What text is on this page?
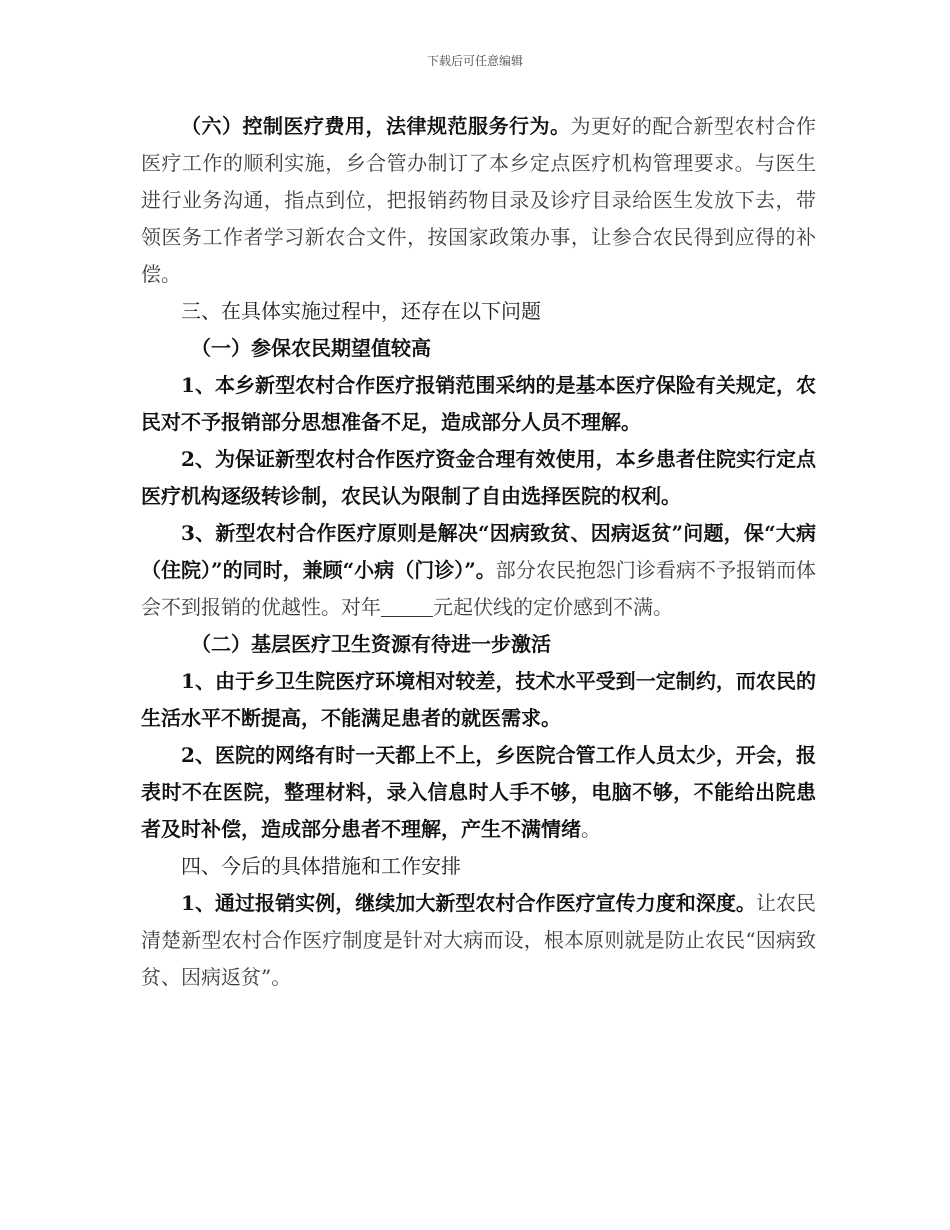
下载后可任意编辑

（六）控制医疗费用，法律规范服务行为。为更好的配合新型农村合作医疗工作的顺利实施，乡合管办制订了本乡定点医疗机构管理要求。与医生进行业务沟通，指点到位，把报销药物目录及诊疗目录给医生发放下去，带领医务工作者学习新农合文件，按国家政策办事，让参合农民得到应得的补偿。

三、在具体实施过程中，还存在以下问题

（一）参保农民期望值较高

1、本乡新型农村合作医疗报销范围采纳的是基本医疗保险有关规定，农民对不予报销部分思想准备不足，造成部分人员不理解。

2、为保证新型农村合作医疗资金合理有效使用，本乡患者住院实行定点医疗机构逐级转诊制，农民认为限制了自由选择医院的权利。

3、新型农村合作医疗原则是解决“因病致贫、因病返贫”问题，保“大病（住院）”的同时，兼顾“小病（门诊）”。部分农民抱怨门诊看病不予报销而体会不到报销的优越性。对年	元起伏线的定价感到不满。

（二）基层医疗卫生资源有待进一步激活

1、由于乡卫生院医疗环境相对较差，技术水平受到一定制约，而农民的生活水平不断提高，不能满足患者的就医需求。

2、医院的网络有时一天都上不上，乡医院合管工作人员太少，开会，报表时不在医院，整理材料，录入信息时人手不够，电脑不够，不能给出院患者及时补偿，造成部分患者不理解，产生不满情绪。

四、今后的具体措施和工作安排

1、通过报销实例，继续加大新型农村合作医疗宣传力度和深度。让农民清楚新型农村合作医疗制度是针对大病而设，根本原则就是防止农民“因病致贫、因病返贫”。
